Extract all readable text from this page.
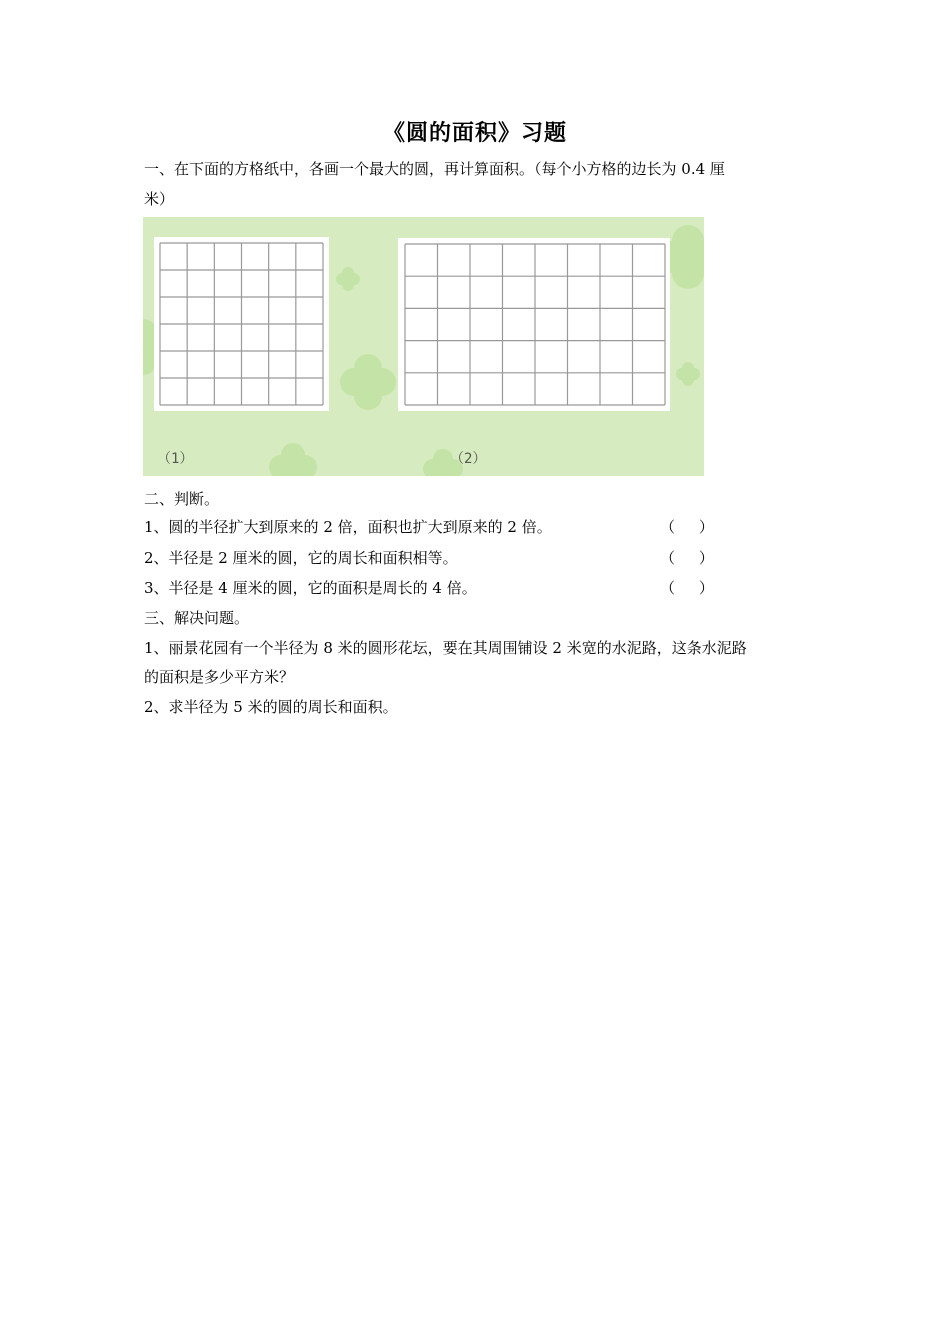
《圆的面积》习题
一、在下面的方格纸中，各画一个最大的圆，再计算面积。（每个小方格的边长为 0.4 厘
米）
（1）	（2）
二、判断。
1、圆的半径扩大到原来的 2 倍，面积也扩大到原来的 2 倍。	（     ）
2、半径是 2 厘米的圆，它的周长和面积相等。	（     ）
3、半径是 4 厘米的圆，它的面积是周长的 4 倍。	（     ）
三、解决问题。
1、丽景花园有一个半径为 8 米的圆形花坛，要在其周围铺设 2 米宽的水泥路，这条水泥路
的面积是多少平方米？
2、求半径为 5 米的圆的周长和面积。
